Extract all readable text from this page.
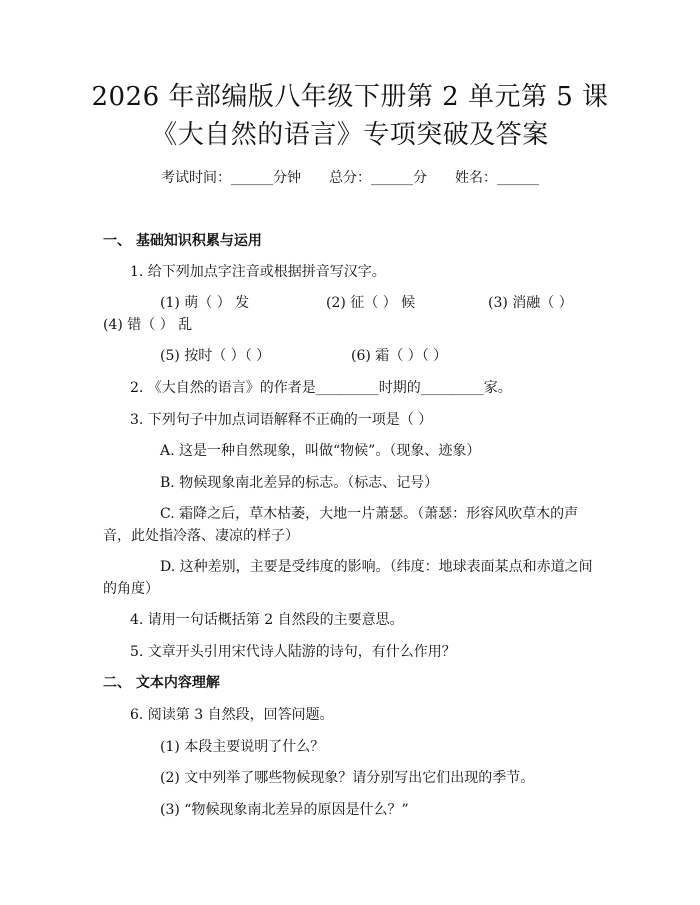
2026 年部编版八年级下册第 2 单元第 5 课
《大自然的语言》专项突破及答案
考试时间：______分钟 总分：______分 姓名：______
一、 基础知识积累与运用
1. 给下列加点字注音或根据拼音写汉字。
(1) 萌（ ） 发	(2) 征（ ） 候	(3) 消融（ ）
(4) 错（ ） 乱
(5) 按时（ ）（ ）	(6) 霜（ ）（ ）
2. 《大自然的语言》的作者是_________时期的_________家。
3. 下列句子中加点词语解释不正确的一项是（ ）
A. 这是一种自然现象，叫做“物候”。（现象、迹象）
B. 物候现象南北差异的标志。（标志、记号）
C. 霜降之后，草木枯萎，大地一片萧瑟。（萧瑟：形容风吹草木的声
音，此处指冷落、凄凉的样子）
D. 这种差别，主要是受纬度的影响。（纬度：地球表面某点和赤道之间
的角度）
4. 请用一句话概括第 2 自然段的主要意思。
5. 文章开头引用宋代诗人陆游的诗句，有什么作用？
二、 文本内容理解
6. 阅读第 3 自然段，回答问题。
(1) 本段主要说明了什么？
(2) 文中列举了哪些物候现象？请分别写出它们出现的季节。
(3) “物候现象南北差异的原因是什么？”
